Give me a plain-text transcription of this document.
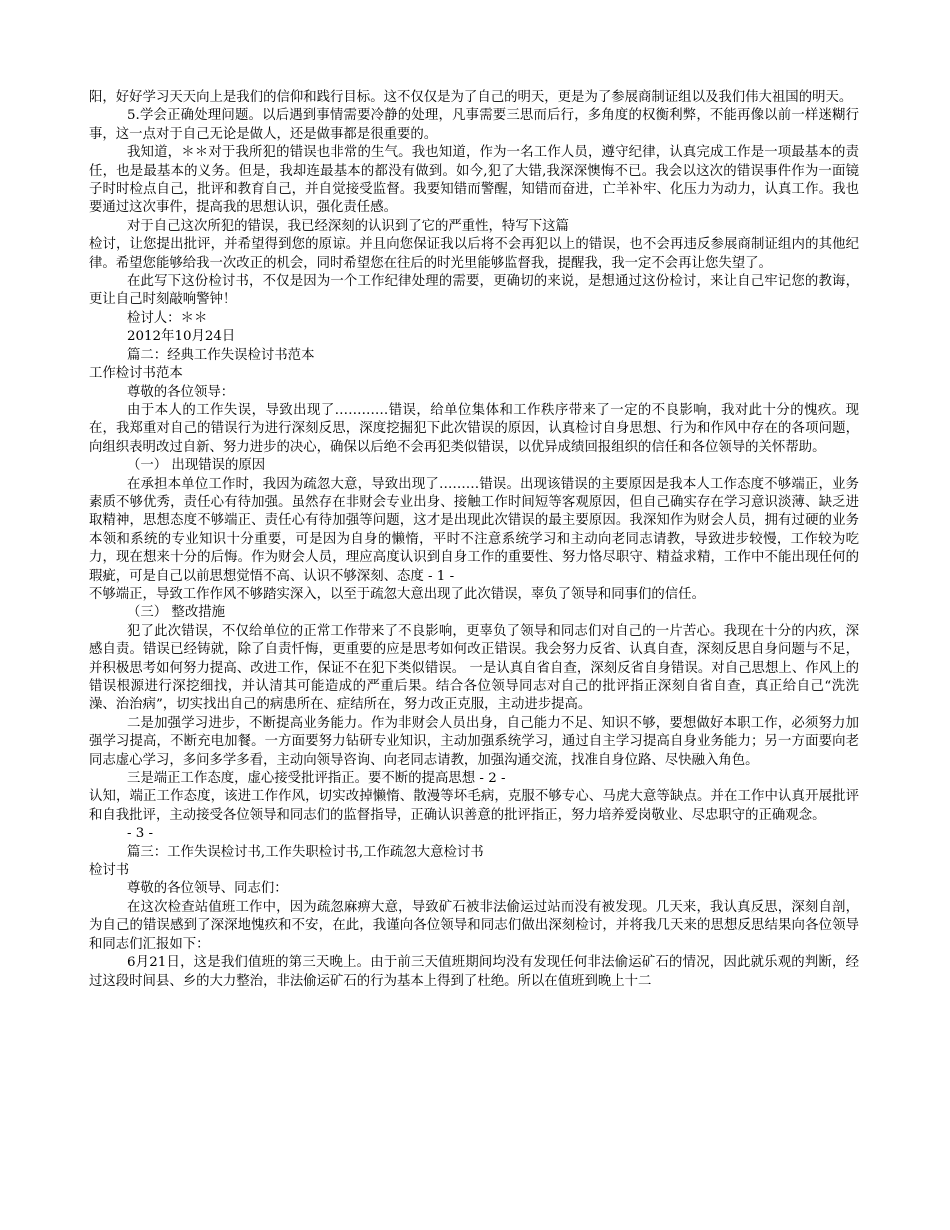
阳，好好学习天天向上是我们的信仰和践行目标。这不仅仅是为了自己的明天，更是为了参展商制证组以及我们伟大祖国的明天。

5.学会正确处理问题。以后遇到事情需要冷静的处理，凡事需要三思而后行，多角度的权衡利弊，不能再像以前一样迷糊行事，这一点对于自己无论是做人，还是做事都是很重要的。

我知道，＊＊对于我所犯的错误也非常的生气。我也知道，作为一名工作人员，遵守纪律，认真完成工作是一项最基本的责任，也是最基本的义务。但是，我却连最基本的都没有做到。如今,犯了大错,我深深懊悔不已。我会以这次的错误事件作为一面镜子时时检点自己，批评和教育自己，并自觉接受监督。我要知错而警醒，知错而奋进，亡羊补牢、化压力为动力，认真工作。我也要通过这次事件，提高我的思想认识，强化责任感。

对于自己这次所犯的错误，我已经深刻的认识到了它的严重性，特写下这篇

检讨，让您提出批评，并希望得到您的原谅。并且向您保证我以后将不会再犯以上的错误，也不会再违反参展商制证组内的其他纪律。希望您能够给我一次改正的机会，同时希望您在往后的时光里能够监督我，提醒我，我一定不会再让您失望了。

在此写下这份检讨书，不仅是因为一个工作纪律处理的需要，更确切的来说，是想通过这份检讨，来让自己牢记您的教诲，更让自己时刻敲响警钟！

检讨人：＊＊

2012年10月24日

篇二：经典工作失误检讨书范本

工作检讨书范本

尊敬的各位领导：

由于本人的工作失误，导致出现了…………错误，给单位集体和工作秩序带来了一定的不良影响，我对此十分的愧疚。现在，我郑重对自己的错误行为进行深刻反思，深度挖掘犯下此次错误的原因，认真检讨自身思想、行为和作风中存在的各项问题，向组织表明改过自新、努力进步的决心，确保以后绝不会再犯类似错误，以优异成绩回报组织的信任和各位领导的关怀帮助。

（一） 出现错误的原因

在承担本单位工作时，我因为疏忽大意，导致出现了………错误。出现该错误的主要原因是我本人工作态度不够端正，业务素质不够优秀，责任心有待加强。虽然存在非财会专业出身、接触工作时间短等客观原因，但自己确实存在学习意识淡薄、缺乏进取精神，思想态度不够端正、责任心有待加强等问题，这才是出现此次错误的最主要原因。我深知作为财会人员，拥有过硬的业务本领和系统的专业知识十分重要，可是因为自身的懒惰，平时不注意系统学习和主动向老同志请教，导致进步较慢，工作较为吃力，现在想来十分的后悔。作为财会人员，理应高度认识到自身工作的重要性、努力恪尽职守、精益求精，工作中不能出现任何的瑕疵，可是自己以前思想觉悟不高、认识不够深刻、态度 - 1 -

不够端正，导致工作作风不够踏实深入，以至于疏忽大意出现了此次错误，辜负了领导和同事们的信任。

（三） 整改措施

犯了此次错误，不仅给单位的正常工作带来了不良影响，更辜负了领导和同志们对自己的一片苦心。我现在十分的内疚，深感自责。错误已经铸就，除了自责忏悔，更重要的应是思考如何改正错误。我会努力反省、认真自查，深刻反思自身问题与不足，并积极思考如何努力提高、改进工作，保证不在犯下类似错误。 一是认真自省自查，深刻反省自身错误。对自己思想上、作风上的错误根源进行深挖细找，并认清其可能造成的严重后果。结合各位领导同志对自己的批评指正深刻自省自查，真正给自己“洗洗澡、治治病”，切实找出自己的病患所在、症结所在，努力改正克服，主动进步提高。

二是加强学习进步，不断提高业务能力。作为非财会人员出身，自己能力不足、知识不够，要想做好本职工作，必须努力加强学习提高，不断充电加餐。一方面要努力钻研专业知识，主动加强系统学习，通过自主学习提高自身业务能力；另一方面要向老同志虚心学习，多问多学多看，主动向领导咨询、向老同志请教，加强沟通交流，找准自身位路、尽快融入角色。

三是端正工作态度，虚心接受批评指正。要不断的提高思想 - 2 -

认知，端正工作态度，该进工作作风，切实改掉懒惰、散漫等坏毛病，克服不够专心、马虎大意等缺点。并在工作中认真开展批评和自我批评，主动接受各位领导和同志们的监督指导，正确认识善意的批评指正，努力培养爱岗敬业、尽忠职守的正确观念。

- 3 -

篇三：工作失误检讨书,工作失职检讨书,工作疏忽大意检讨书

检讨书

尊敬的各位领导、同志们：

在这次检查站值班工作中，因为疏忽麻痹大意，导致矿石被非法偷运过站而没有被发现。几天来，我认真反思，深刻自剖，为自己的错误感到了深深地愧疚和不安，在此，我谨向各位领导和同志们做出深刻检讨，并将我几天来的思想反思结果向各位领导和同志们汇报如下：

6月21日，这是我们值班的第三天晚上。由于前三天值班期间均没有发现任何非法偷运矿石的情况，因此就乐观的判断，经过这段时间县、乡的大力整治，非法偷运矿石的行为基本上得到了杜绝。所以在值班到晚上十二
